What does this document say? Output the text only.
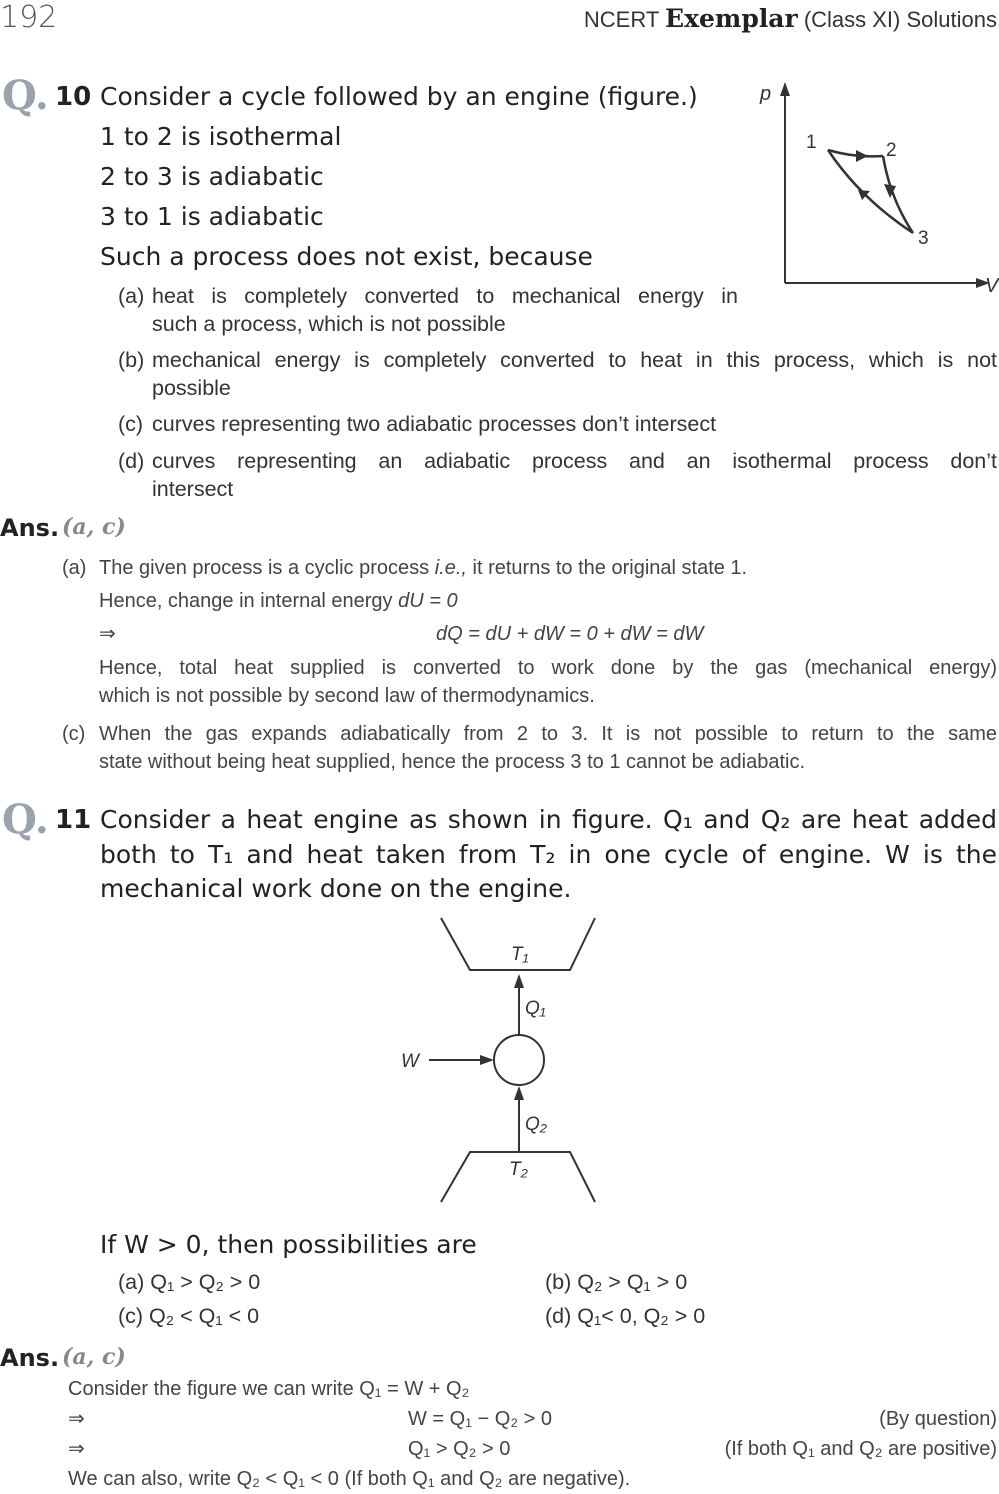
192	NCERT Exemplar (Class XI) Solutions
Q. 10 Consider a cycle followed by an engine (figure.)
1 to 2 is isothermal
2 to 3 is adiabatic
3 to 1 is adiabatic
Such a process does not exist, because
p
V
1	2
3
(a) heat is completely converted to mechanical energy in
such a process, which is not possible
(b) mechanical energy is completely converted to heat in this process, which is not
possible
(c) curves representing two adiabatic processes don’t intersect
(d) curves representing an adiabatic process and an isothermal process don’t
intersect
Ans. (a, c)
(a) The given process is a cyclic process i.e., it returns to the original state 1.
Hence, change in internal energy dU = 0
⇒	dQ = dU + dW = 0 + dW = dW
Hence, total heat supplied is converted to work done by the gas (mechanical energy)
which is not possible by second law of thermodynamics.
(c) When the gas expands adiabatically from 2 to 3. It is not possible to return to the same
state without being heat supplied, hence the process 3 to 1 cannot be adiabatic.
Q. 11 Consider a heat engine as shown in figure. Q₁ and Q₂ are heat added
both to T₁ and heat taken from T₂ in one cycle of engine. W is the
mechanical work done on the engine.
T₁
Q₁
W
Q₂
T₂
If W > 0, then possibilities are
(a) Q₁ > Q₂ > 0	(b) Q₂ > Q₁ > 0
(c) Q₂ < Q₁ < 0	(d) Q₁< 0, Q₂ > 0
Ans. (a, c)
Consider the figure we can write Q₁ = W + Q₂
⇒	W = Q₁ − Q₂ > 0	(By question)
⇒	Q₁ > Q₂ > 0	(If both Q₁ and Q₂ are positive)
We can also, write Q₂ < Q₁ < 0 (If both Q₁ and Q₂ are negative).
